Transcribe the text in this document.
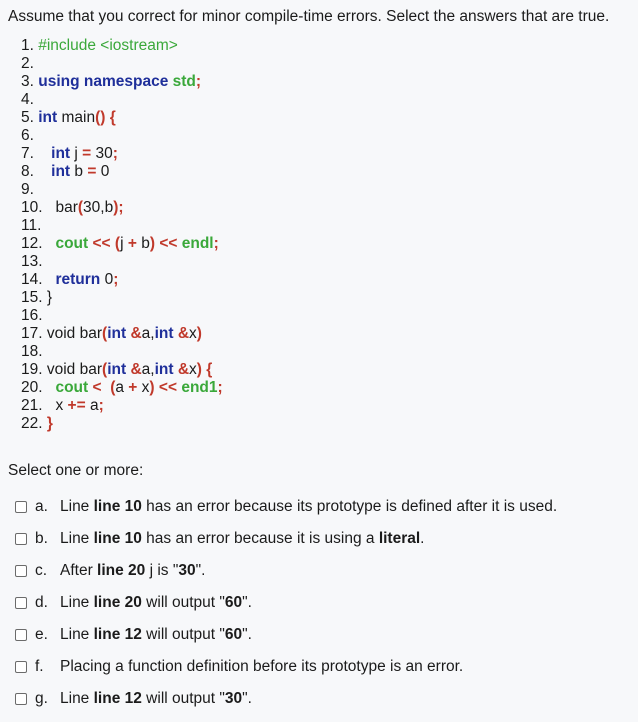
Assume that you correct for minor compile-time errors. Select the answers that are true.
1. #include <iostream>
2.
3. using namespace std;
4.
5. int main() {
6.
7.    int j = 30;
8.    int b = 0
9.
10.   bar(30,b);
11.
12.   cout << (j + b) << endl;
13.
14.   return 0;
15. }
16.
17. void bar(int &a,int &x)
18.
19. void bar(int &a,int &x) {
20.   cout < (a + x) << end1;
21.   x += a;
22. }
Select one or more:
a. Line line 10 has an error because its prototype is defined after it is used.
b. Line line 10 has an error because it is using a literal.
c. After line 20 j is "30".
d. Line line 20 will output "60".
e. Line line 12 will output "60".
f.	Placing a function definition before its prototype is an error.
g. Line line 12 will output "30".
